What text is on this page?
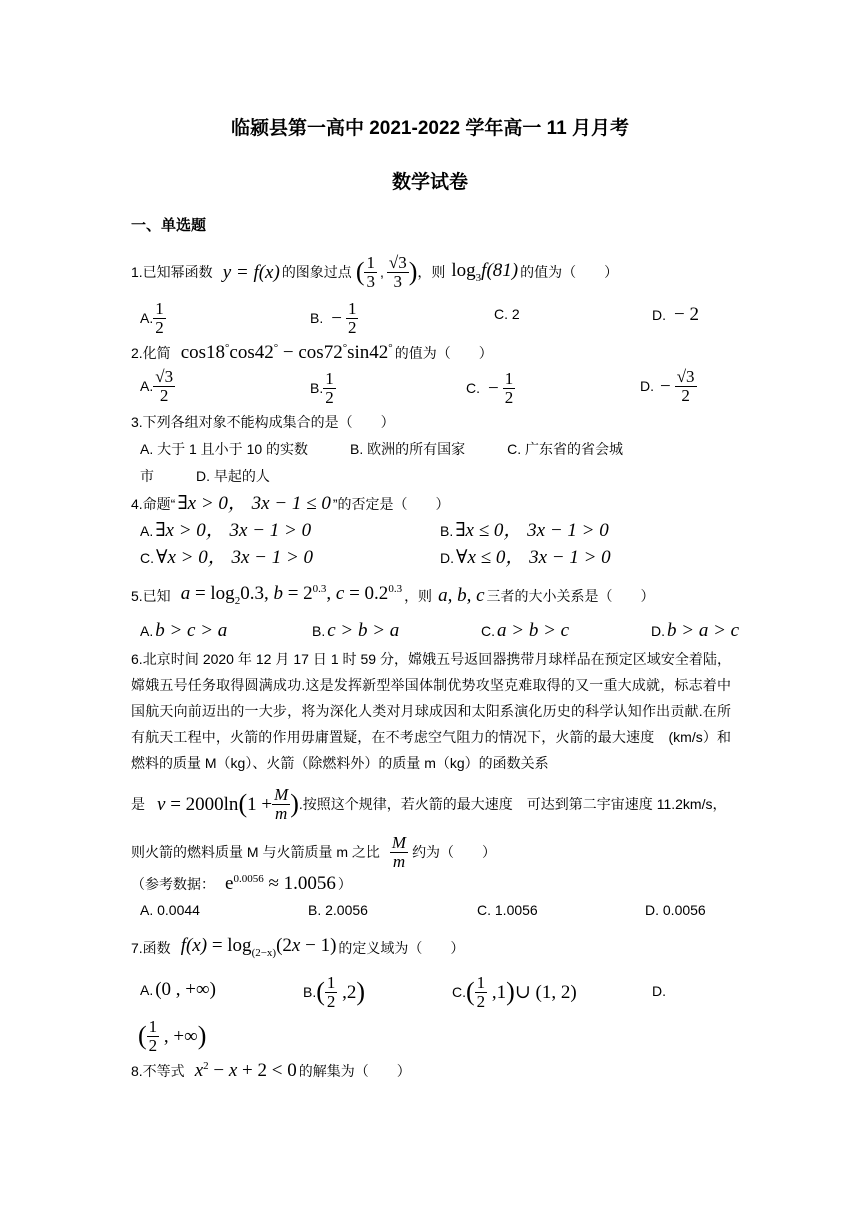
临颍县第一高中 2021-2022 学年高一 11 月月考
数学试卷
一、单选题
1.已知幂函数 y = f(x) 的图象过点 ( $\frac{1}{3}$ , $\frac{√3}{3}$ ) ，则 $\log_3f(81)$ 的值为（　　）
A. $\frac{1}{2}$	B. − $\frac{1}{2}$	C. 2	D. − 2
2.化简 cos18°cos42° − cos72°sin42° 的值为（　　）
A. $\frac{√3}{2}$	B. $\frac{1}{2}$	C. − $\frac{1}{2}$	D. − $\frac{√3}{2}$
3.下列各组对象不能构成集合的是（　　）
A. 大于 1 且小于 10 的实数　　　B. 欧洲的所有国家　　　C. 广东省的省会城
市　　　D. 早起的人
4.命题“ ∃x > 0， 3x − 1 ≤ 0 ”的否定是（　　）
A. ∃x > 0， 3x − 1 > 0	B. ∃x ≤ 0， 3x − 1 > 0
C. ∀x > 0， 3x − 1 > 0	D. ∀x ≤ 0， 3x − 1 > 0
5.已知 $a = \log_20.3$, $b = 2^{0.3}$, $c = 0.2^{0.3}$ ，则 a, b, c 三者的大小关系是（　　）
A. b > c > a	B. c > b > a	C. a > b > c	D. b > a > c
6.北京时间 2020 年 12 月 17 日 1 时 59 分，嫦娥五号返回器携带月球样品在预定区域安全着陆，嫦娥五号任务取得圆满成功.这是发挥新型举国体制优势攻坚克难取得的又一重大成就，标志着中国航天向前迈出的一大步，将为深化人类对月球成因和太阳系演化历史的科学认知作出贡献.在所有航天工程中，火箭的作用毋庸置疑，在不考虑空气阻力的情况下，火箭的最大速度　(km/s）和燃料的质量 M（kg）、火箭（除燃料外）的质量 m（kg）的函数关系
是 v = 2000ln ( $1 + \frac{M}{m}$ ) .按照这个规律，若火箭的最大速度　可达到第二宇宙速度 11.2km/s，
则火箭的燃料质量 M 与火箭质量 m 之比 $\frac{M}{m}$ 约为（　　）
（参考数据： $e^{0.0056} \approx 1.0056$ ）
A. 0.0044	B. 2.0056	C. 1.0056	D. 0.0056
7.函数 $f(x) = \log_{(2-x)}(2x - 1)$ 的定义域为（　　）
A. (0 , +∞)	B. ( $\frac{1}{2} ,2$ )	C. ( $\frac{1}{2} ,1$ ) ∪ (1, 2)	D.
( $\frac{1}{2}$ , +∞ )
8.不等式 $x^2 - x + 2 < 0$ 的解集为（　　）
